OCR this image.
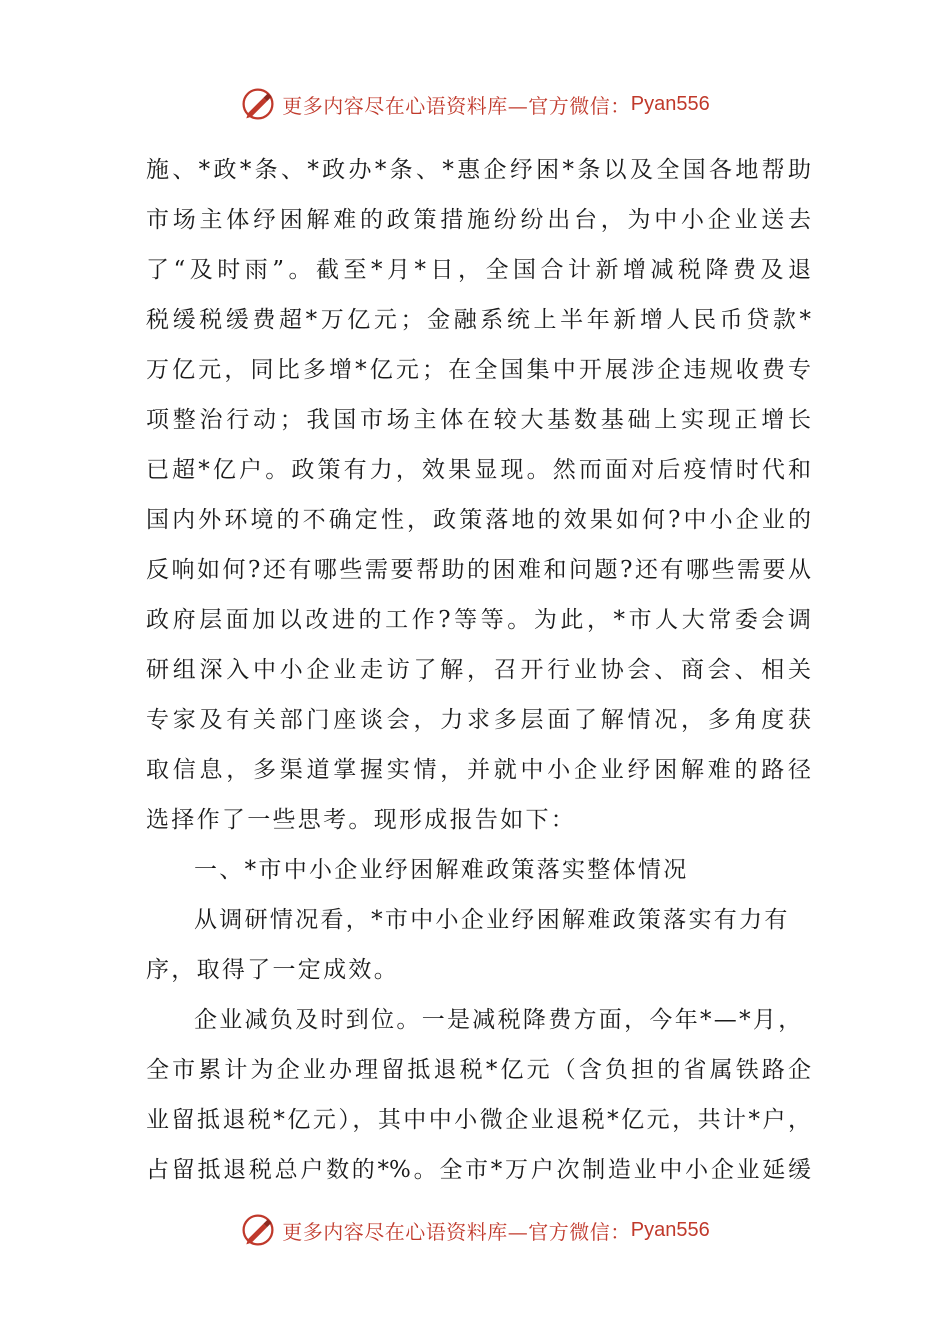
更多内容尽在心语资料库—官方微信： Pyan556
施、*政*条、*政办*条、*惠企纾困*条以及全国各地帮助
市场主体纾困解难的政策措施纷纷出台，为中小企业送去
了“及时雨”。截至*月*日，全国合计新增减税降费及退
税缓税缓费超*万亿元；金融系统上半年新增人民币贷款*
万亿元，同比多增*亿元；在全国集中开展涉企违规收费专
项整治行动；我国市场主体在较大基数基础上实现正增长
已超*亿户。政策有力，效果显现。然而面对后疫情时代和
国内外环境的不确定性，政策落地的效果如何?中小企业的
反响如何?还有哪些需要帮助的困难和问题?还有哪些需要从
政府层面加以改进的工作?等等。为此，*市人大常委会调
研组深入中小企业走访了解，召开行业协会、商会、相关
专家及有关部门座谈会，力求多层面了解情况，多角度获
取信息，多渠道掌握实情，并就中小企业纾困解难的路径
选择作了一些思考。现形成报告如下：
一、*市中小企业纾困解难政策落实整体情况
从调研情况看，*市中小企业纾困解难政策落实有力有
序，取得了一定成效。
企业减负及时到位。一是减税降费方面，今年*—*月，
全市累计为企业办理留抵退税*亿元（含负担的省属铁路企
业留抵退税*亿元），其中中小微企业退税*亿元，共计*户，
占留抵退税总户数的*%。全市*万户次制造业中小企业延缓
更多内容尽在心语资料库—官方微信： Pyan556
